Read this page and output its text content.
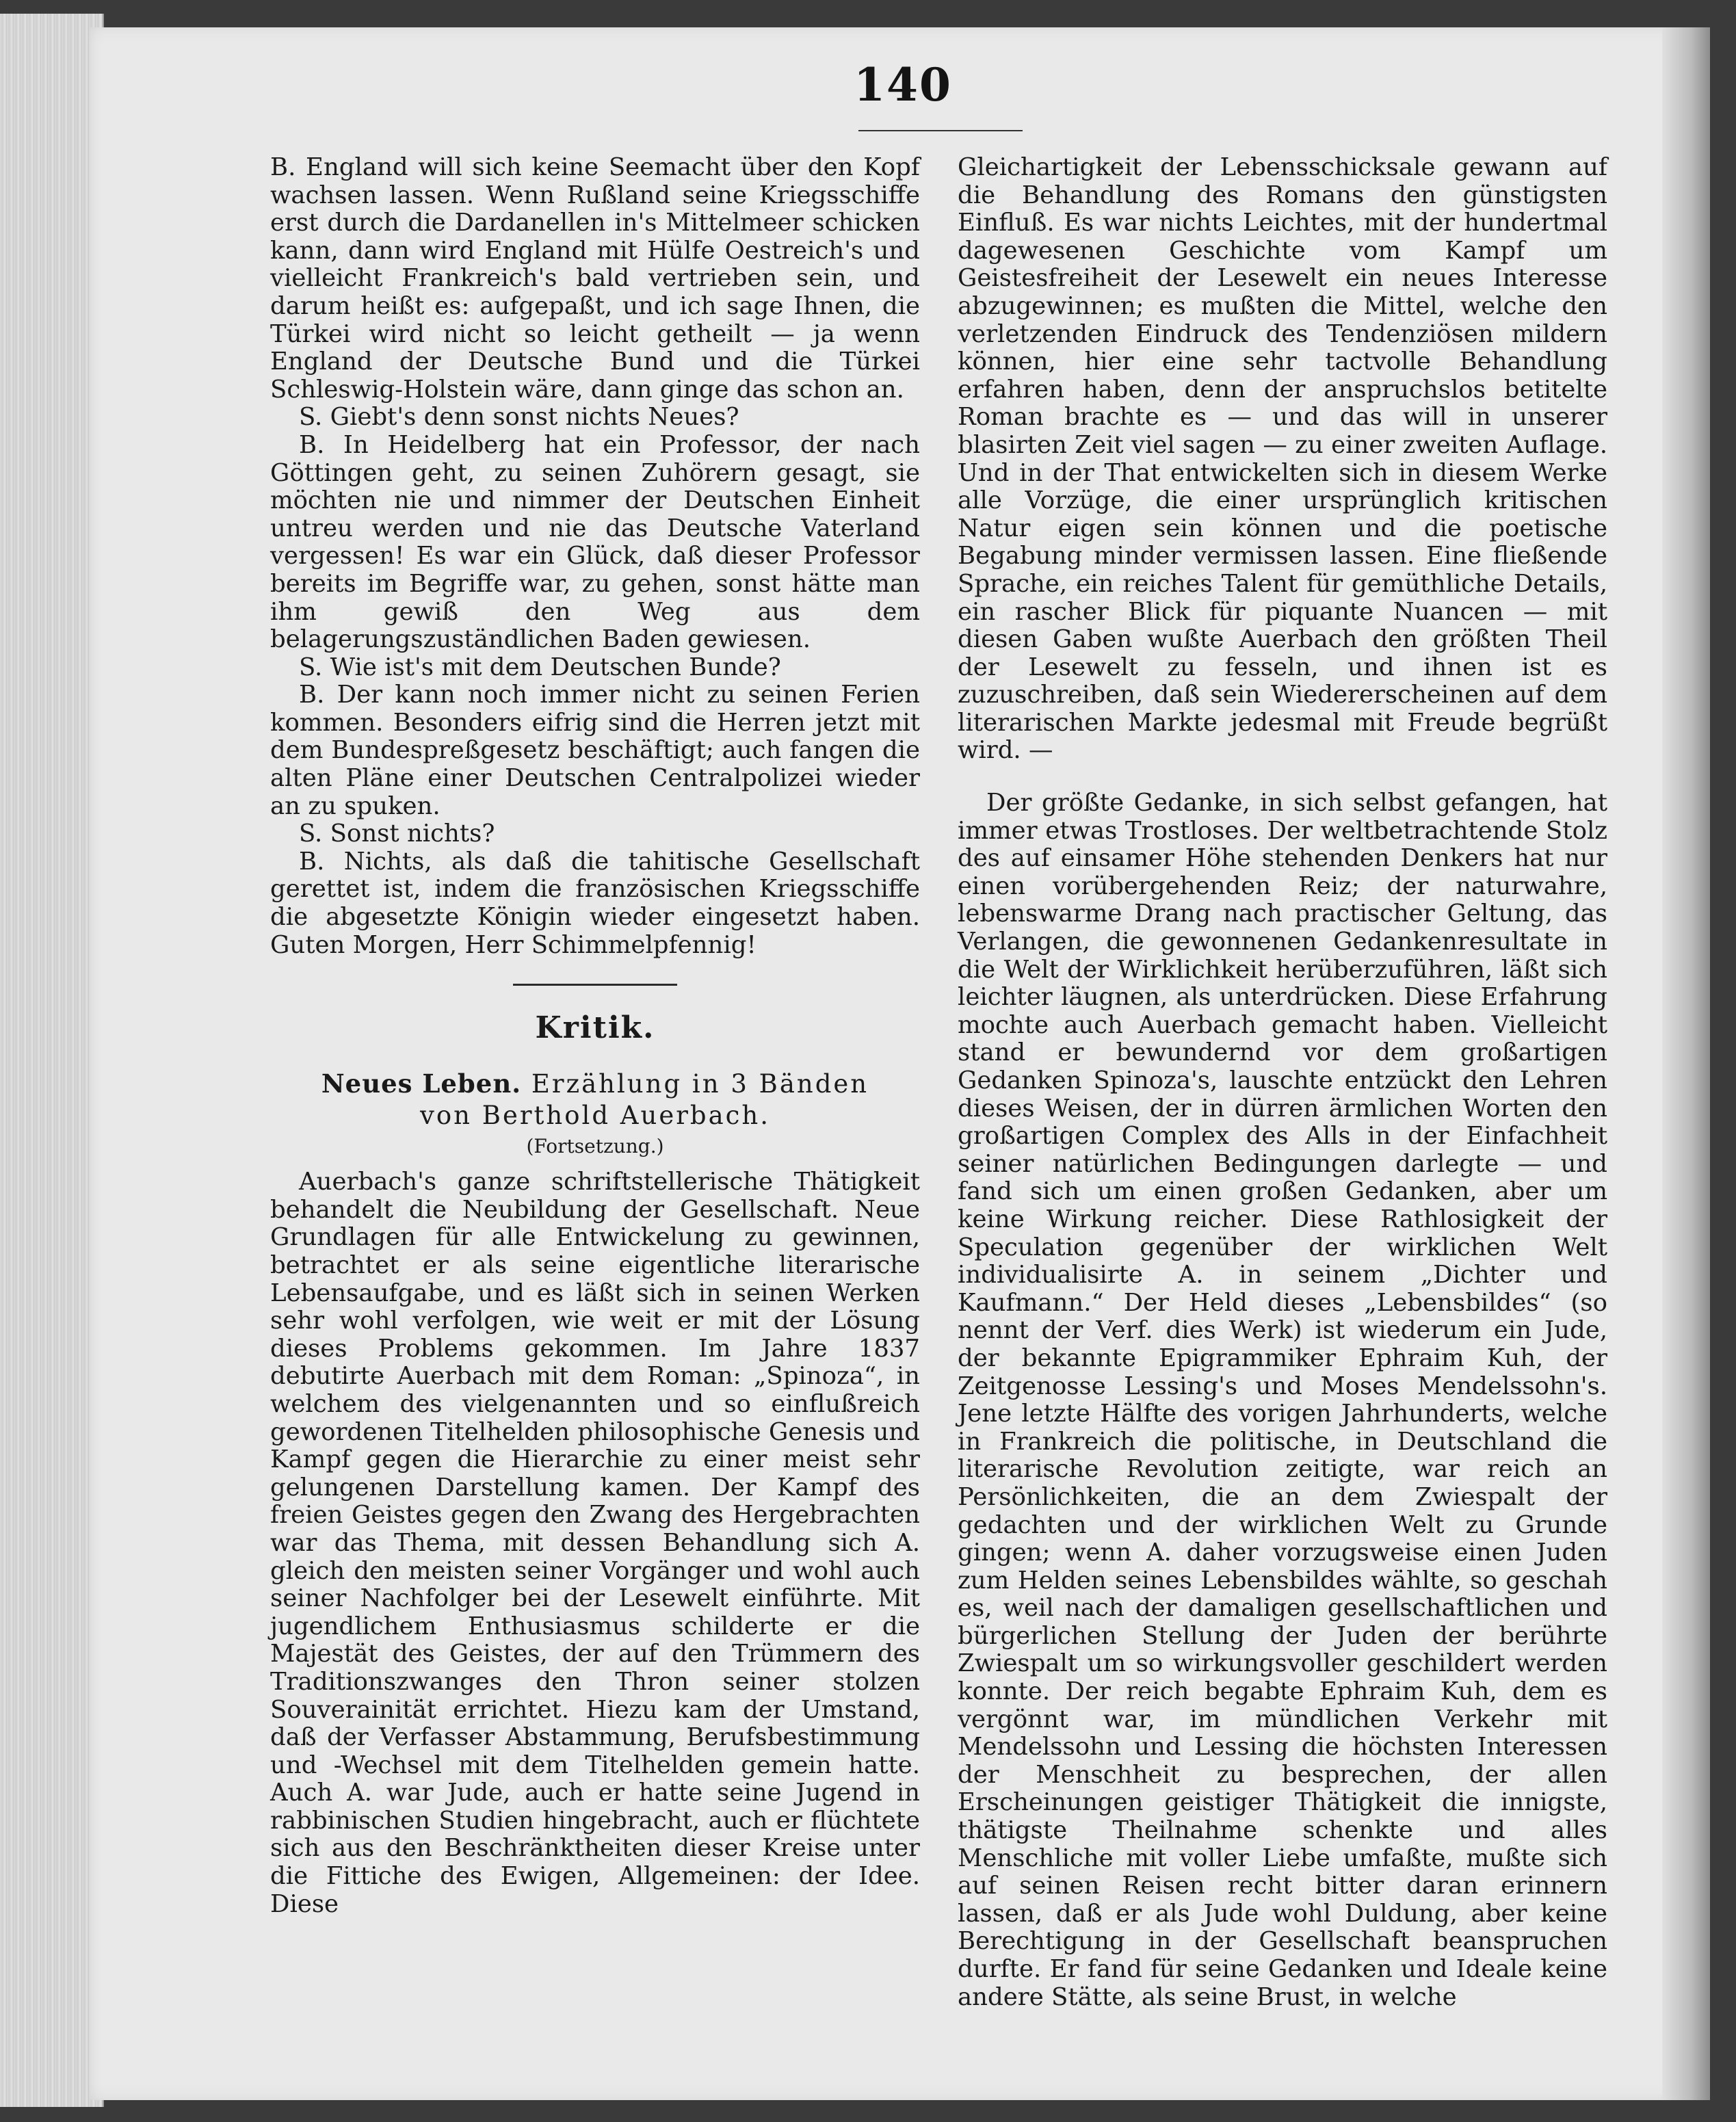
140

B. England will sich keine Seemacht über den Kopf wachsen lassen. Wenn Rußland seine Kriegsschiffe erst durch die Dardanellen in's Mittelmeer schicken kann, dann wird England mit Hülfe Oestreich's und vielleicht Frankreich's bald vertrieben sein, und darum heißt es: aufgepaßt, und ich sage Ihnen, die Türkei wird nicht so leicht getheilt — ja wenn England der Deutsche Bund und die Türkei Schleswig-Holstein wäre, dann ginge das schon an.

S. Giebt's denn sonst nichts Neues?

B. In Heidelberg hat ein Professor, der nach Göttingen geht, zu seinen Zuhörern gesagt, sie möchten nie und nimmer der Deutschen Einheit untreu werden und nie das Deutsche Vaterland vergessen! Es war ein Glück, daß dieser Professor bereits im Begriffe war, zu gehen, sonst hätte man ihm gewiß den Weg aus dem belagerungszuständlichen Baden gewiesen.

S. Wie ist's mit dem Deutschen Bunde?

B. Der kann noch immer nicht zu seinen Ferien kommen. Besonders eifrig sind die Herren jetzt mit dem Bundespreßgesetz beschäftigt; auch fangen die alten Pläne einer Deutschen Centralpolizei wieder an zu spuken.

S. Sonst nichts?

B. Nichts, als daß die tahitische Gesellschaft gerettet ist, indem die französischen Kriegsschiffe die abgesetzte Königin wieder eingesetzt haben. Guten Morgen, Herr Schimmelpfennig!

Kritik.
Neues Leben. Erzählung in 3 Bänden
von Berthold Auerbach.
(Fortsetzung.)

Auerbach's ganze schriftstellerische Thätigkeit behandelt die Neubildung der Gesellschaft. Neue Grundlagen für alle Entwickelung zu gewinnen, betrachtet er als seine eigentliche literarische Lebensaufgabe, und es läßt sich in seinen Werken sehr wohl verfolgen, wie weit er mit der Lösung dieses Problems gekommen. Im Jahre 1837 debutirte Auerbach mit dem Roman: „Spinoza“, in welchem des vielgenannten und so einflußreich gewordenen Titelhelden philosophische Genesis und Kampf gegen die Hierarchie zu einer meist sehr gelungenen Darstellung kamen. Der Kampf des freien Geistes gegen den Zwang des Hergebrachten war das Thema, mit dessen Behandlung sich A. gleich den meisten seiner Vorgänger und wohl auch seiner Nachfolger bei der Lesewelt einführte. Mit jugendlichem Enthusiasmus schilderte er die Majestät des Geistes, der auf den Trümmern des Traditionszwanges den Thron seiner stolzen Souverainität errichtet. Hiezu kam der Umstand, daß der Verfasser Abstammung, Berufsbestimmung und -Wechsel mit dem Titelhelden gemein hatte. Auch A. war Jude, auch er hatte seine Jugend in rabbinischen Studien hingebracht, auch er flüchtete sich aus den Beschränktheiten dieser Kreise unter die Fittiche des Ewigen, Allgemeinen: der Idee. Diese

Gleichartigkeit der Lebensschicksale gewann auf die Behandlung des Romans den günstigsten Einfluß. Es war nichts Leichtes, mit der hundertmal dagewesenen Geschichte vom Kampf um Geistesfreiheit der Lesewelt ein neues Interesse abzugewinnen; es mußten die Mittel, welche den verletzenden Eindruck des Tendenziösen mildern können, hier eine sehr tactvolle Behandlung erfahren haben, denn der anspruchslos betitelte Roman brachte es — und das will in unserer blasirten Zeit viel sagen — zu einer zweiten Auflage. Und in der That entwickelten sich in diesem Werke alle Vorzüge, die einer ursprünglich kritischen Natur eigen sein können und die poetische Begabung minder vermissen lassen. Eine fließende Sprache, ein reiches Talent für gemüthliche Details, ein rascher Blick für piquante Nuancen — mit diesen Gaben wußte Auerbach den größten Theil der Lesewelt zu fesseln, und ihnen ist es zuzuschreiben, daß sein Wiedererscheinen auf dem literarischen Markte jedesmal mit Freude begrüßt wird. —

Der größte Gedanke, in sich selbst gefangen, hat immer etwas Trostloses. Der weltbetrachtende Stolz des auf einsamer Höhe stehenden Denkers hat nur einen vorübergehenden Reiz; der naturwahre, lebenswarme Drang nach practischer Geltung, das Verlangen, die gewonnenen Gedankenresultate in die Welt der Wirklichkeit herüberzuführen, läßt sich leichter läugnen, als unterdrücken. Diese Erfahrung mochte auch Auerbach gemacht haben. Vielleicht stand er bewundernd vor dem großartigen Gedanken Spinoza's, lauschte entzückt den Lehren dieses Weisen, der in dürren ärmlichen Worten den großartigen Complex des Alls in der Einfachheit seiner natürlichen Bedingungen darlegte — und fand sich um einen großen Gedanken, aber um keine Wirkung reicher. Diese Rathlosigkeit der Speculation gegenüber der wirklichen Welt individualisirte A. in seinem „Dichter und Kaufmann.“ Der Held dieses „Lebensbildes“ (so nennt der Verf. dies Werk) ist wiederum ein Jude, der bekannte Epigrammiker Ephraim Kuh, der Zeitgenosse Lessing's und Moses Mendelssohn's. Jene letzte Hälfte des vorigen Jahrhunderts, welche in Frankreich die politische, in Deutschland die literarische Revolution zeitigte, war reich an Persönlichkeiten, die an dem Zwiespalt der gedachten und der wirklichen Welt zu Grunde gingen; wenn A. daher vorzugsweise einen Juden zum Helden seines Lebensbildes wählte, so geschah es, weil nach der damaligen gesellschaftlichen und bürgerlichen Stellung der Juden der berührte Zwiespalt um so wirkungsvoller geschildert werden konnte. Der reich begabte Ephraim Kuh, dem es vergönnt war, im mündlichen Verkehr mit Mendelssohn und Lessing die höchsten Interessen der Menschheit zu besprechen, der allen Erscheinungen geistiger Thätigkeit die innigste, thätigste Theilnahme schenkte und alles Menschliche mit voller Liebe umfaßte, mußte sich auf seinen Reisen recht bitter daran erinnern lassen, daß er als Jude wohl Duldung, aber keine Berechtigung in der Gesellschaft beanspruchen durfte. Er fand für seine Gedanken und Ideale keine andere Stätte, als seine Brust, in welche
